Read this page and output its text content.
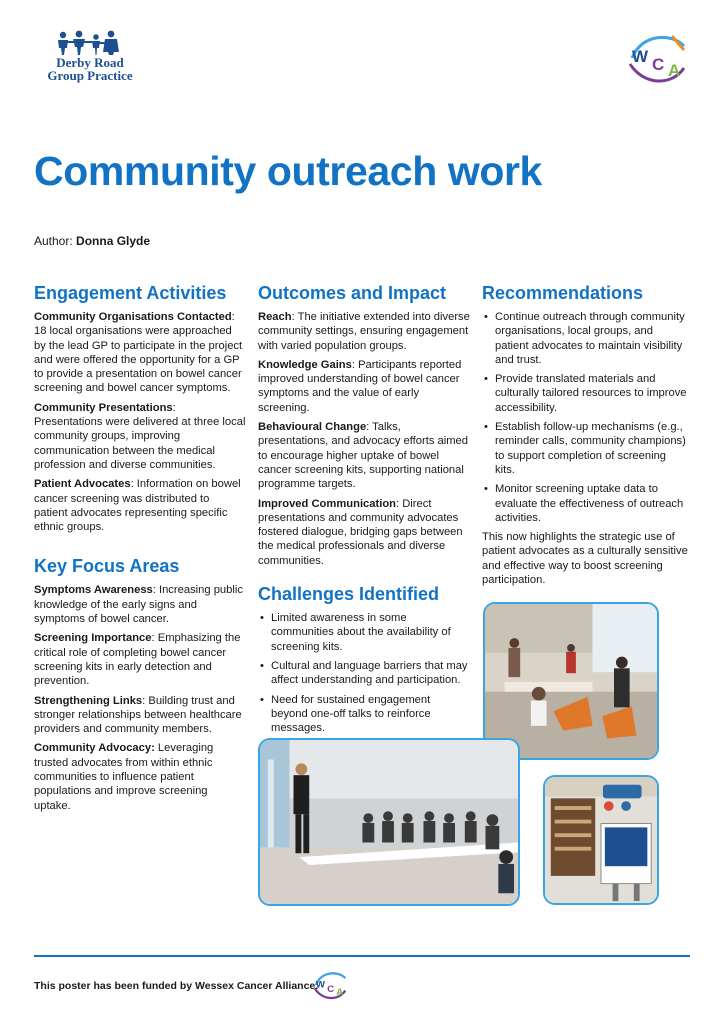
Derby Road
Group Practice
W C A
Community outreach work
Author: Donna Glyde
Engagement Activities

Community Organisations Contacted: 18 local organisations were approached by the lead GP to participate in the project and were offered the opportunity for a GP to provide a presentation on bowel cancer screening and bowel cancer symptoms.

Community Presentations: Presentations were delivered at three local community groups, improving communication between the medical profession and diverse communities.

Patient Advocates: Information on bowel cancer screening was distributed to patient advocates representing specific ethnic groups.

Key Focus Areas

Symptoms Awareness: Increasing public knowledge of the early signs and symptoms of bowel cancer.

Screening Importance: Emphasizing the critical role of completing bowel cancer screening kits in early detection and prevention.

Strengthening Links: Building trust and stronger relationships between healthcare providers and community members.

Community Advocacy: Leveraging trusted advocates from within ethnic communities to influence patient populations and improve screening uptake.

Outcomes and Impact

Reach: The initiative extended into diverse community settings, ensuring engagement with varied population groups.

Knowledge Gains: Participants reported improved understanding of bowel cancer symptoms and the value of early screening.

Behavioural Change: Talks, presentations, and advocacy efforts aimed to encourage higher uptake of bowel cancer screening kits, supporting national programme targets.

Improved Communication: Direct presentations and community advocates fostered dialogue, bridging gaps between the medical professionals and diverse communities.

Challenges Identified
• Limited awareness in some communities about the availability of screening kits.
• Cultural and language barriers that may affect understanding and participation.
• Need for sustained engagement beyond one-off talks to reinforce messages.
Recommendations
• Continue outreach through community organisations, local groups, and patient advocates to maintain visibility and trust.
• Provide translated materials and culturally tailored resources to improve accessibility.
• Establish follow-up mechanisms (e.g., reminder calls, community champions) to support completion of screening kits.
• Monitor screening uptake data to evaluate the effectiveness of outreach activities.

This now highlights the strategic use of patient advocates as a culturally sensitive and effective way to boost screening participation.

This poster has been funded by Wessex Cancer Alliance.
W C A
